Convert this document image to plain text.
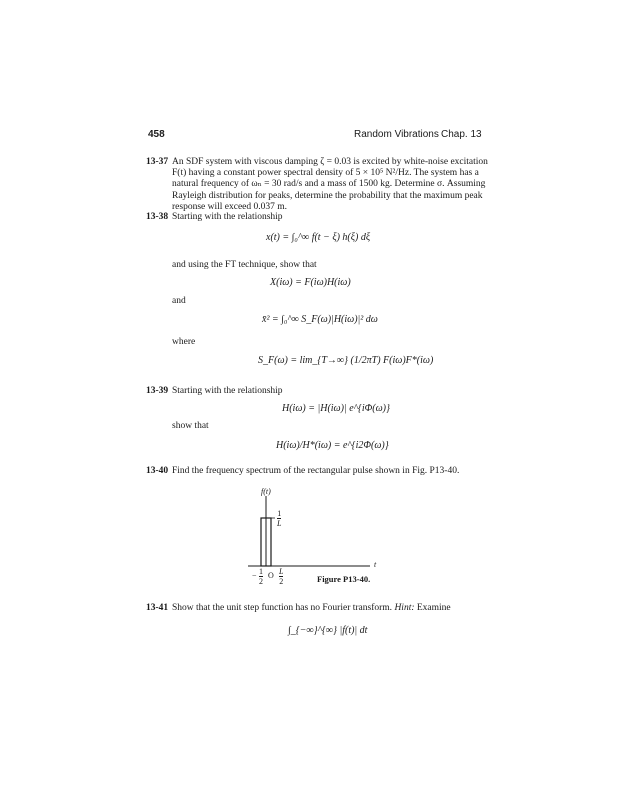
458	Random Vibrations Chap. 13
13-37 An SDF system with viscous damping ζ = 0.03 is excited by white-noise excitation
F(t) having a constant power spectral density of 5 × 10⁵ N²/Hz. The system has a
natural frequency of ωₙ = 30 rad/s and a mass of 1500 kg. Determine σ. Assuming
Rayleigh distribution for peaks, determine the probability that the maximum peak
response will exceed 0.037 m.
13-38 Starting with the relationship
x(t) = ∫₀^∞ f(t − ξ) h(ξ) dξ
and using the FT technique, show that
X(iω) = F(iω)H(iω)
and
x̄² = ∫₀^∞ S_F(ω)|H(iω)|² dω
where
S_F(ω) = lim_{T→∞} (1/2πT) F(iω)F*(iω)
13-39 Starting with the relationship
H(iω) = |H(iω)| e^{iΦ(ω)}
show that
H(iω)/H*(iω) = e^{i2Φ(ω)}
13-40 Find the frequency spectrum of the rectangular pulse shown in Fig. P13-40.
f(t)
t
$\frac{1}{L}$
− $\frac{1}{2}$ O $\frac{L}{2}$	Figure P13-40.
13-41 Show that the unit step function has no Fourier transform. Hint: Examine
∫_{−∞}^{∞} |f(t)| dt
